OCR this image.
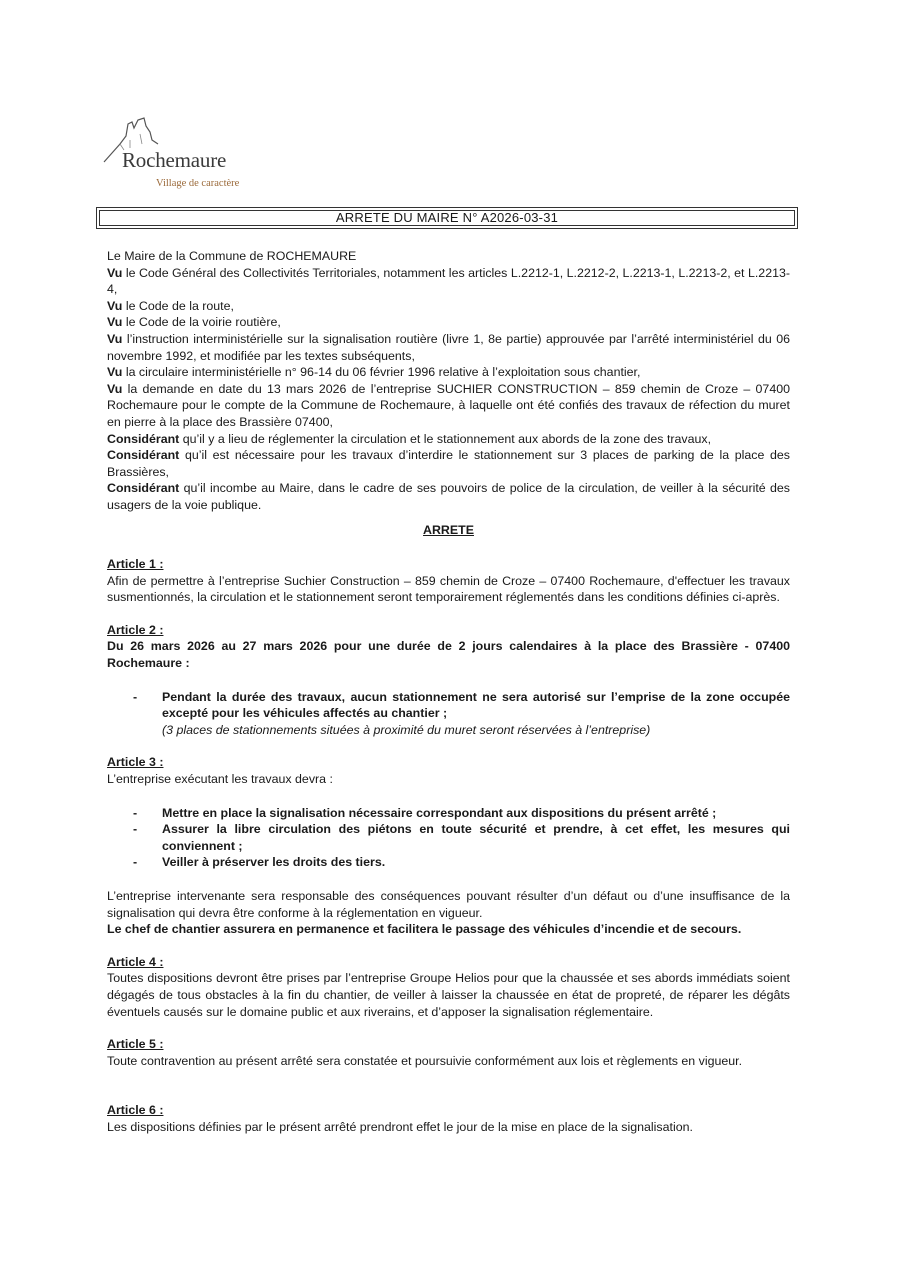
Rochemaure
Village de caractère
ARRETE DU MAIRE N° A2026-03-31

Le Maire de la Commune de ROCHEMAURE

Vu le Code Général des Collectivités Territoriales, notamment les articles L.2212-1, L.2212-2, L.2213-1, L.2213-2, et L.2213-4,

Vu le Code de la route,

Vu le Code de la voirie routière,

Vu l’instruction interministérielle sur la signalisation routière (livre 1, 8e partie) approuvée par l’arrêté interministériel du 06 novembre 1992, et modifiée par les textes subséquents,

Vu la circulaire interministérielle n° 96-14 du 06 février 1996 relative à l’exploitation sous chantier,

Vu la demande en date du 13 mars 2026 de l’entreprise SUCHIER CONSTRUCTION – 859 chemin de Croze – 07400 Rochemaure pour le compte de la Commune de Rochemaure, à laquelle ont été confiés des travaux de réfection du muret en pierre à la place des Brassière 07400,

Considérant qu’il y a lieu de réglementer la circulation et le stationnement aux abords de la zone des travaux,

Considérant qu’il est nécessaire pour les travaux d’interdire le stationnement sur 3 places de parking de la place des Brassières,

Considérant qu’il incombe au Maire, dans le cadre de ses pouvoirs de police de la circulation, de veiller à la sécurité des usagers de la voie publique.

ARRETE
Article 1 :

Afin de permettre à l’entreprise Suchier Construction – 859 chemin de Croze – 07400 Rochemaure, d'effectuer les travaux susmentionnés, la circulation et le stationnement seront temporairement réglementés dans les conditions définies ci-après.

Article 2 :

Du 26 mars 2026 au 27 mars 2026 pour une durée de 2 jours calendaires à la place des Brassière - 07400 Rochemaure :

-	Pendant la durée des travaux, aucun stationnement ne sera autorisé sur l’emprise de la zone occupée excepté pour les véhicules affectés au chantier ;
(3 places de stationnements situées à proximité du muret seront réservées à l’entreprise)
Article 3 :

L’entreprise exécutant les travaux devra :

-	Mettre en place la signalisation nécessaire correspondant aux dispositions du présent arrêté ;
-	Assurer la libre circulation des piétons en toute sécurité et prendre, à cet effet, les mesures qui conviennent ;
-	Veiller à préserver les droits des tiers.

L’entreprise intervenante sera responsable des conséquences pouvant résulter d’un défaut ou d’une insuffisance de la signalisation qui devra être conforme à la réglementation en vigueur.

Le chef de chantier assurera en permanence et facilitera le passage des véhicules d’incendie et de secours.

Article 4 :

Toutes dispositions devront être prises par l’entreprise Groupe Helios pour que la chaussée et ses abords immédiats soient dégagés de tous obstacles à la fin du chantier, de veiller à laisser la chaussée en état de propreté, de réparer les dégâts éventuels causés sur le domaine public et aux riverains, et d’apposer la signalisation réglementaire.

Article 5 :

Toute contravention au présent arrêté sera constatée et poursuivie conformément aux lois et règlements en vigueur.

Article 6 :

Les dispositions définies par le présent arrêté prendront effet le jour de la mise en place de la signalisation.
